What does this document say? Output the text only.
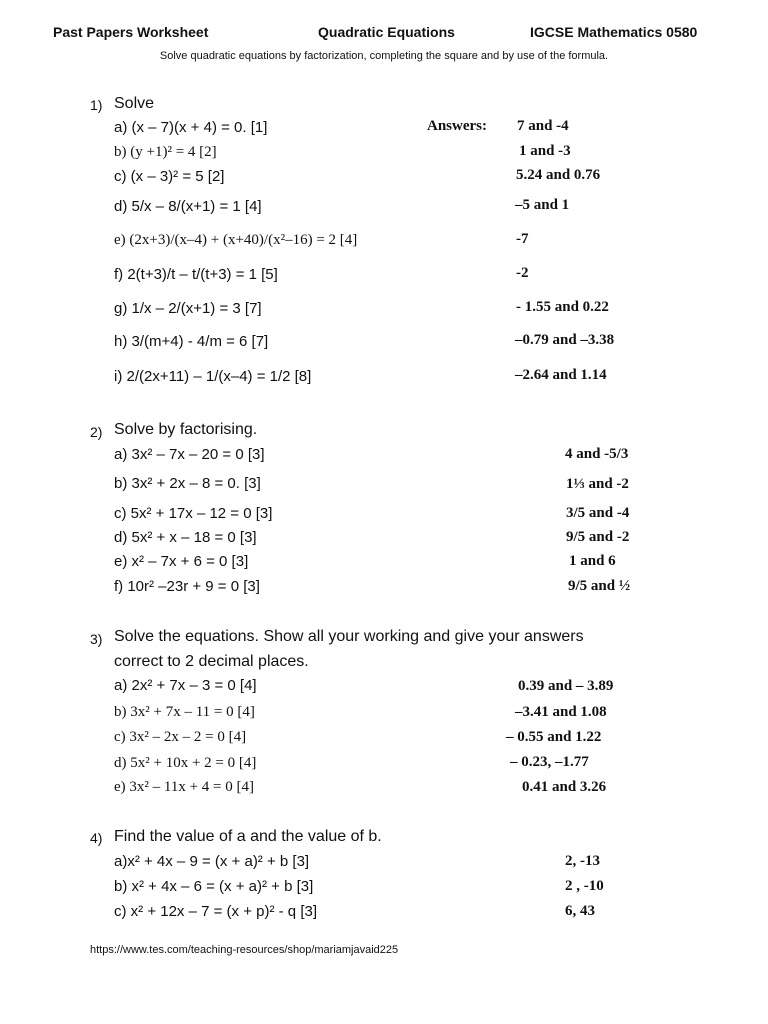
Past Papers Worksheet	Quadratic Equations	IGCSE Mathematics 0580
Solve quadratic equations by factorization, completing the square and by use of the formula.
1) Solve
Answers:
a) (x – 7)(x + 4) = 0. [1]	7 and -4
b) (y +1)² = 4 [2]	1 and -3
c) (x – 3)² = 5 [2]	5.24 and 0.76
d) 5/x – 8/(x+1) = 1 [4]	–5 and 1
e) (2x+3)/(x–4) + (x+40)/(x²–16) = 2 [4]	-7
f) 2(t+3)/t – t/(t+3) = 1 [5]	-2
g) 1/x – 2/(x+1) = 3 [7]	- 1.55 and 0.22
h) 3/(m+4) - 4/m = 6 [7]	–0.79 and –3.38
i) 2/(2x+11) – 1/(x–4) = 1/2 [8]	–2.64 and 1.14
2) Solve by factorising.
a) 3x² – 7x – 20 = 0 [3]	4 and -5/3
b) 3x² + 2x – 8 = 0. [3]	1⅓ and -2
c) 5x² + 17x – 12 = 0 [3]	3/5 and -4
d) 5x² + x – 18 = 0 [3]	9/5 and -2
e) x² – 7x + 6 = 0 [3]	1 and 6
f) 10r² –23r + 9 = 0 [3]	9/5 and ½
3) Solve the equations. Show all your working and give your answers
correct to 2 decimal places.
a) 2x² + 7x – 3 = 0 [4]	0.39 and – 3.89
b) 3x² + 7x – 11 = 0 [4]	–3.41 and 1.08
c) 3x² – 2x – 2 = 0 [4]	– 0.55 and 1.22
d) 5x² + 10x + 2 = 0 [4]	– 0.23, –1.77
e) 3x² – 11x + 4 = 0 [4]	0.41 and 3.26
4) Find the value of a and the value of b.
a)x² + 4x – 9 = (x + a)² + b [3]	2, -13
b) x² + 4x – 6 = (x + a)² + b [3]	2 , -10
c) x² + 12x – 7 = (x + p)² - q [3]	6, 43
https://www.tes.com/teaching-resources/shop/mariamjavaid225
